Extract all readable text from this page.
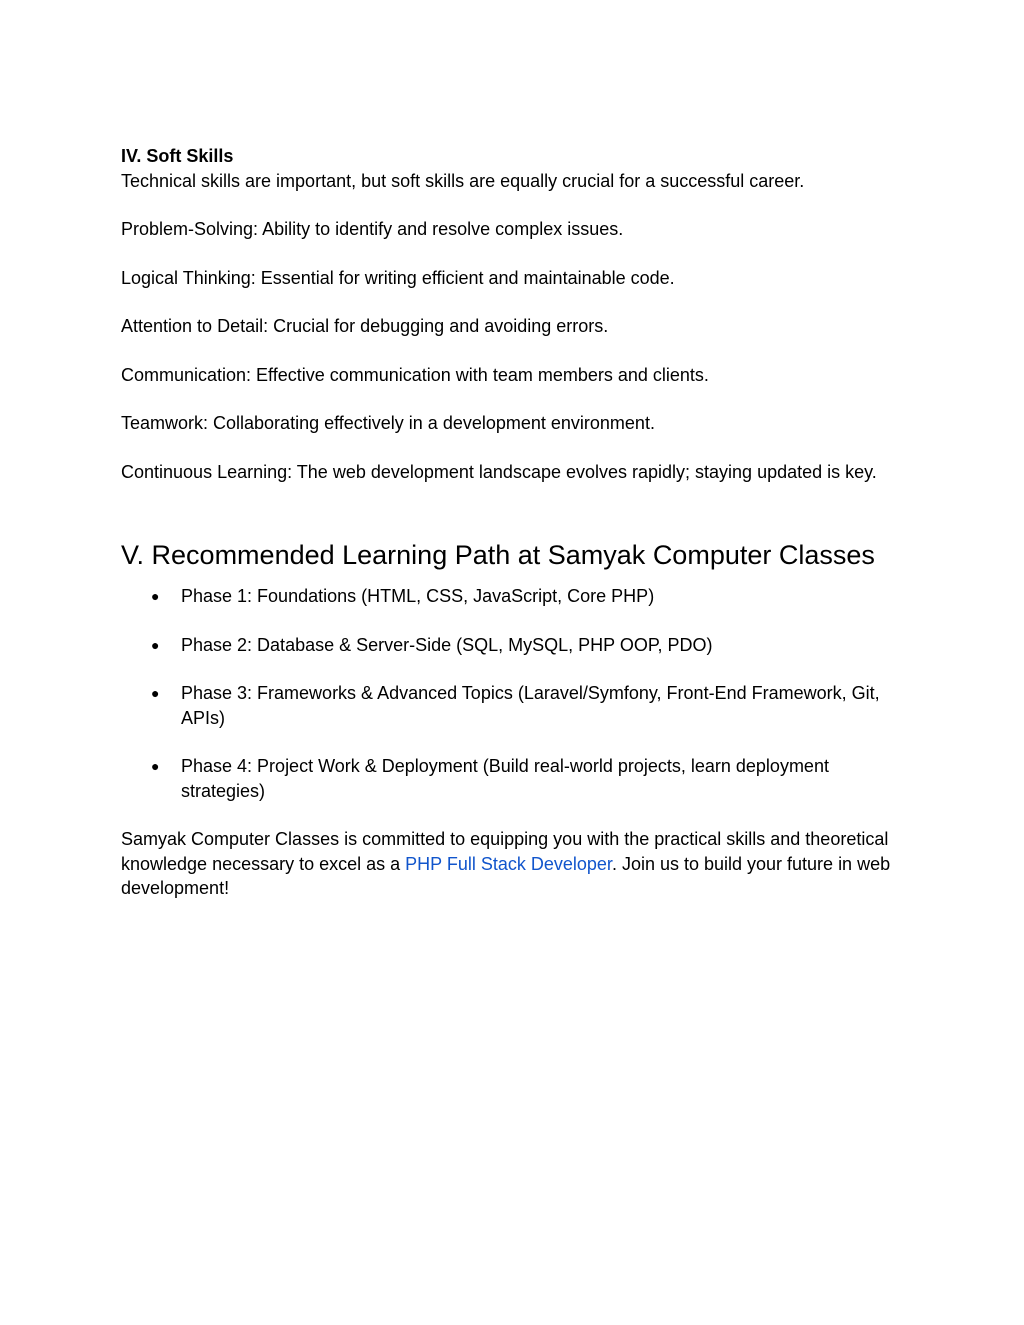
IV. Soft Skills

Technical skills are important, but soft skills are equally crucial for a successful career.

Problem-Solving: Ability to identify and resolve complex issues.

Logical Thinking: Essential for writing efficient and maintainable code.

Attention to Detail: Crucial for debugging and avoiding errors.

Communication: Effective communication with team members and clients.

Teamwork: Collaborating effectively in a development environment.

Continuous Learning: The web development landscape evolves rapidly; staying updated is key.

V. Recommended Learning Path at Samyak Computer Classes
● Phase 1: Foundations (HTML, CSS, JavaScript, Core PHP)
● Phase 2: Database & Server-Side (SQL, MySQL, PHP OOP, PDO)
● Phase 3: Frameworks & Advanced Topics (Laravel/Symfony, Front-End Framework, Git, APIs)
● Phase 4: Project Work & Deployment (Build real-world projects, learn deployment strategies)

Samyak Computer Classes is committed to equipping you with the practical skills and theoretical knowledge necessary to excel as a PHP Full Stack Developer. Join us to build your future in web development!
